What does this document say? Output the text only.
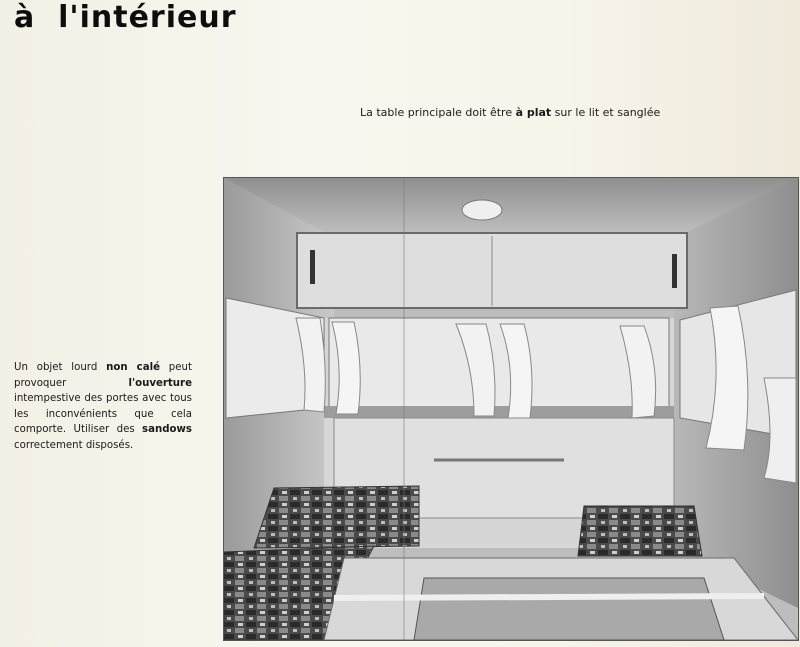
à  l'intérieur
La table principale doit être à plat sur le lit et sanglée
Un objet lourd non calé peut provoquer l'ouverture intempestive des portes avec tous les inconvénients que cela comporte. Utiliser des sandows correctement disposés.
